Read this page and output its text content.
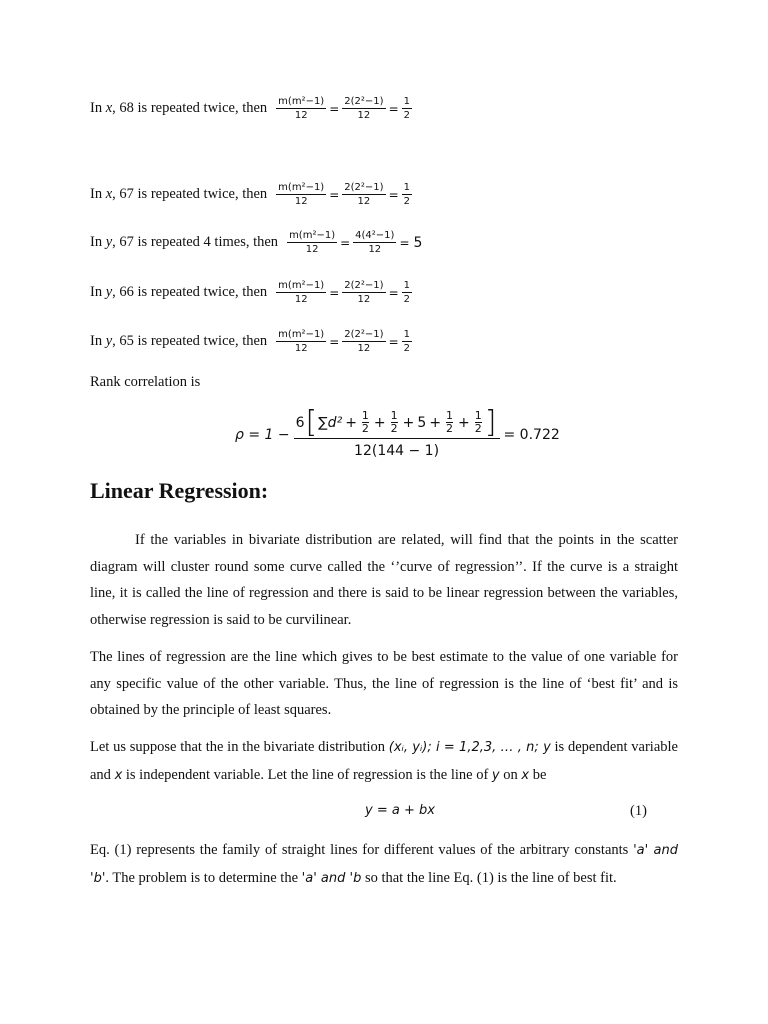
In x, 68 is repeated twice, then $\frac{\text{m(m²−1)}}{12} = \frac{\text{2(2²−1)}}{12} = \frac{1}{2}$
In x, 67 is repeated twice, then $\frac{\text{m(m²−1)}}{12} = \frac{\text{2(2²−1)}}{12} = \frac{1}{2}$
In y, 67 is repeated 4 times, then $\frac{\text{m(m²−1)}}{12} = \frac{\text{4(4²−1)}}{12} = 5$
In y, 66 is repeated twice, then $\frac{\text{m(m²−1)}}{12} = \frac{\text{2(2²−1)}}{12} = \frac{1}{2}$
In y, 65 is repeated twice, then $\frac{\text{m(m²−1)}}{12} = \frac{\text{2(2²−1)}}{12} = \frac{1}{2}$
Rank correlation is
ρ = 1 −
6 [ $\sum d^2 + \frac{1}{2} + \frac{1}{2} + 5 + \frac{1}{2} + \frac{1}{2}$ ]
12(144 − 1)
= 0.722
Linear Regression:

If the variables in bivariate distribution are related, will find that the points in the scatter diagram will cluster round some curve called the ‘’curve of regression’’. If the curve is a straight line, it is called the line of regression and there is said to be linear regression between the variables, otherwise regression is said to be curvilinear.

The lines of regression are the line which gives to be best estimate to the value of one variable for any specific value of the other variable. Thus, the line of regression is the line of ‘best fit’ and is obtained by the principle of least squares.

Let us suppose that the in the bivariate distribution (xᵢ, yᵢ); i = 1,2,3, … , n; y is dependent variable and x is independent variable. Let the line of regression is the line of y on x be

y = a + bx	(1)

Eq. (1) represents the family of straight lines for different values of the arbitrary constants 'a' and 'b'. The problem is to determine the 'a' and 'b so that the line Eq. (1) is the line of best fit.
